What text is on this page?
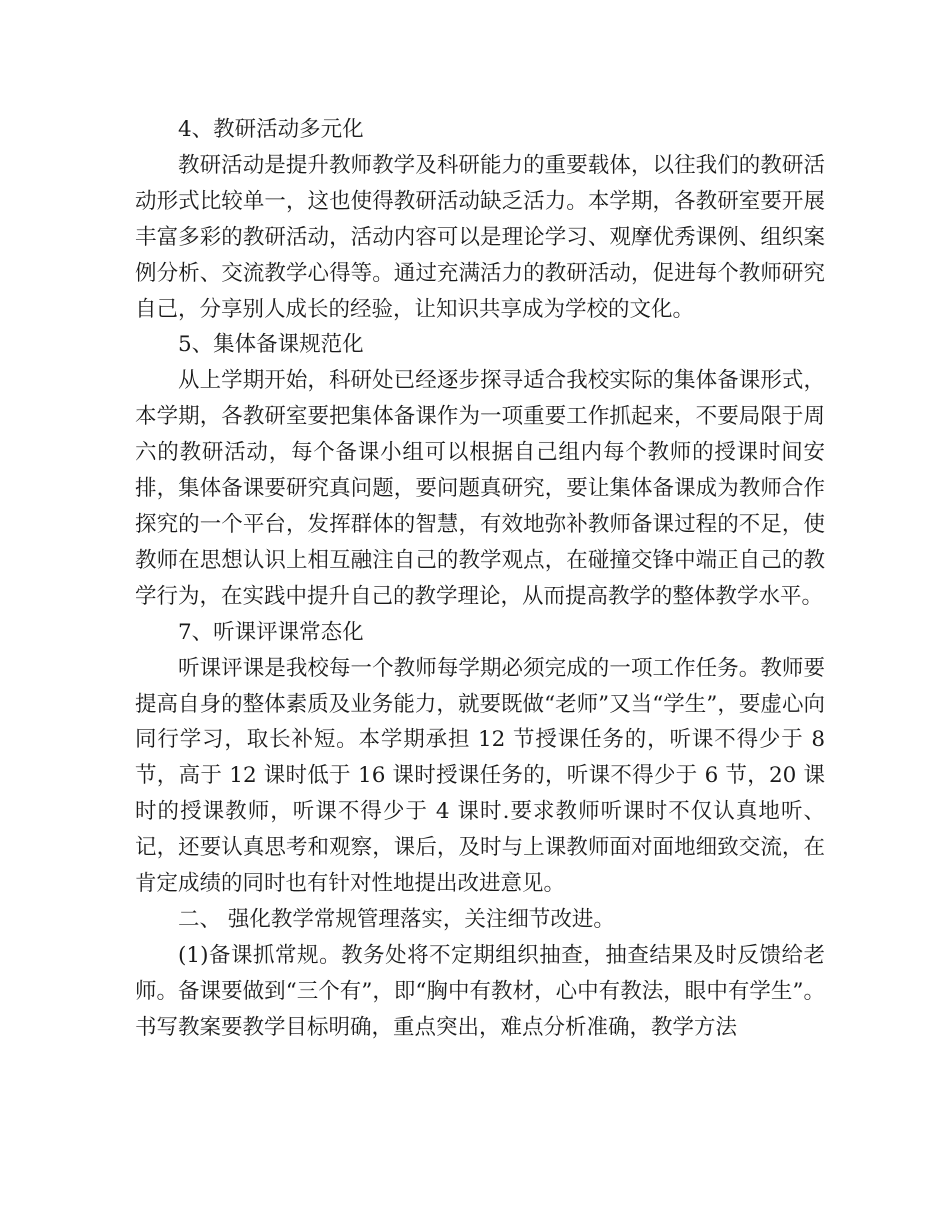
4、教研活动多元化

教研活动是提升教师教学及科研能力的重要载体，以往我们的教研活动形式比较单一，这也使得教研活动缺乏活力。本学期，各教研室要开展丰富多彩的教研活动，活动内容可以是理论学习、观摩优秀课例、组织案例分析、交流教学心得等。通过充满活力的教研活动，促进每个教师研究自己，分享别人成长的经验，让知识共享成为学校的文化。

5、集体备课规范化

从上学期开始，科研处已经逐步探寻适合我校实际的集体备课形式，本学期，各教研室要把集体备课作为一项重要工作抓起来，不要局限于周六的教研活动，每个备课小组可以根据自己组内每个教师的授课时间安排，集体备课要研究真问题，要问题真研究，要让集体备课成为教师合作探究的一个平台，发挥群体的智慧，有效地弥补教师备课过程的不足，使教师在思想认识上相互融注自己的教学观点，在碰撞交锋中端正自己的教学行为，在实践中提升自己的教学理论，从而提高教学的整体教学水平。

7、听课评课常态化

听课评课是我校每一个教师每学期必须完成的一项工作任务。教师要提高自身的整体素质及业务能力，就要既做“老师”又当“学生”，要虚心向同行学习，取长补短。本学期承担 12 节授课任务的，听课不得少于 8 节，高于 12 课时低于 16 课时授课任务的，听课不得少于 6 节，20 课时的授课教师，听课不得少于 4 课时.要求教师听课时不仅认真地听、记，还要认真思考和观察，课后，及时与上课教师面对面地细致交流，在肯定成绩的同时也有针对性地提出改进意见。

二、 强化教学常规管理落实，关注细节改进。

(1)备课抓常规。教务处将不定期组织抽查，抽查结果及时反馈给老师。备课要做到“三个有”，即“胸中有教材，心中有教法，眼中有学生”。书写教案要教学目标明确，重点突出，难点分析准确，教学方法
